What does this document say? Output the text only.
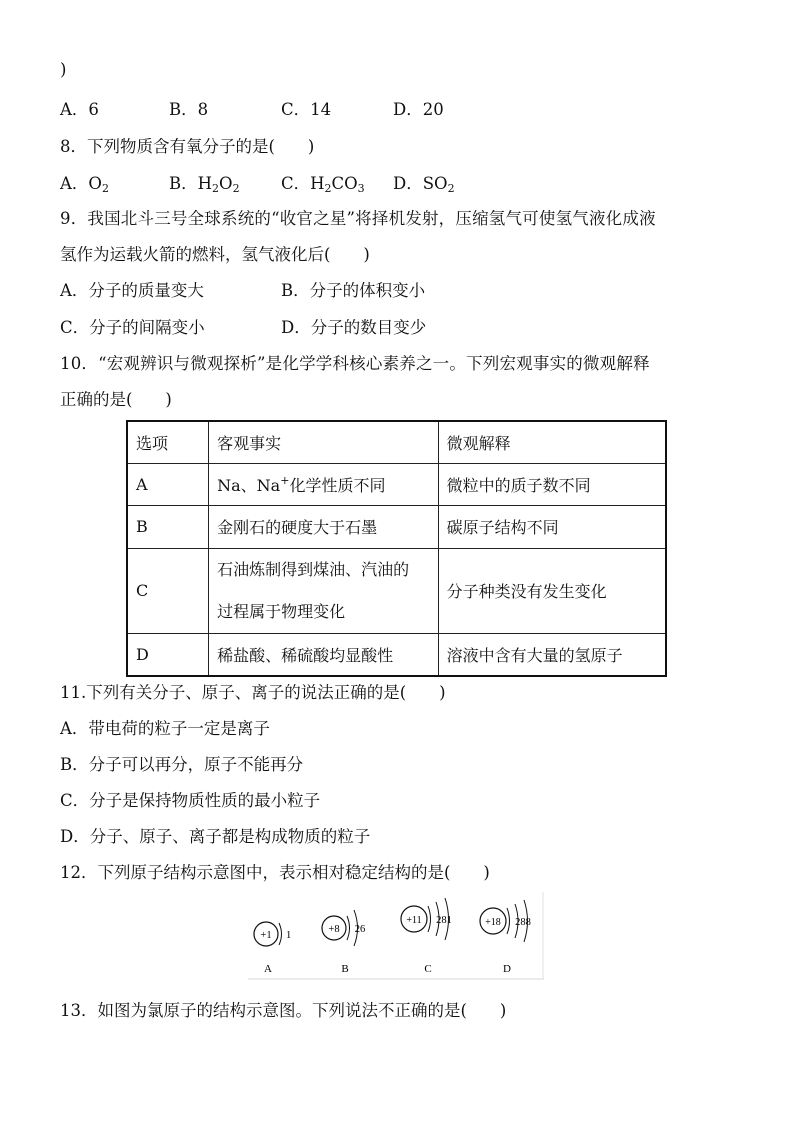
)
A．6	B．8	C．14	D．20
8．下列物质含有氧分子的是(　　)
A．$O_2$	B．$H_2O_2$	C．$H_2CO_3$ D．$SO_2$
9．我国北斗三号全球系统的“收官之星”将择机发射，压缩氢气可使氢气液化成液
氢作为运载火箭的燃料，氢气液化后(　　)
A．分子的质量变大	B．分子的体积变小
C．分子的间隔变小	D．分子的数目变少
10．“宏观辨识与微观探析”是化学学科核心素养之一。下列宏观事实的微观解释
正确的是(　　)
选项	客观事实	微观解释
A	Na、Na+化学性质不同	微粒中的质子数不同
B	金刚石的硬度大于石墨	碳原子结构不同
C	石油炼制得到煤油、汽油的
过程属于物理变化	分子种类没有发生变化
D	稀盐酸、稀硫酸均显酸性	溶液中含有大量的氢原子
11.下列有关分子、原子、离子的说法正确的是(　　)
A．带电荷的粒子一定是离子
B．分子可以再分，原子不能再分
C．分子是保持物质性质的最小粒子
D．分子、原子、离子都是构成物质的粒子
12．下列原子结构示意图中，表示相对稳定结构的是(　　)
+1 1
A
+8 26
B
+11 281
C
+18 288
D
13．如图为氯原子的结构示意图。下列说法不正确的是(　　)
